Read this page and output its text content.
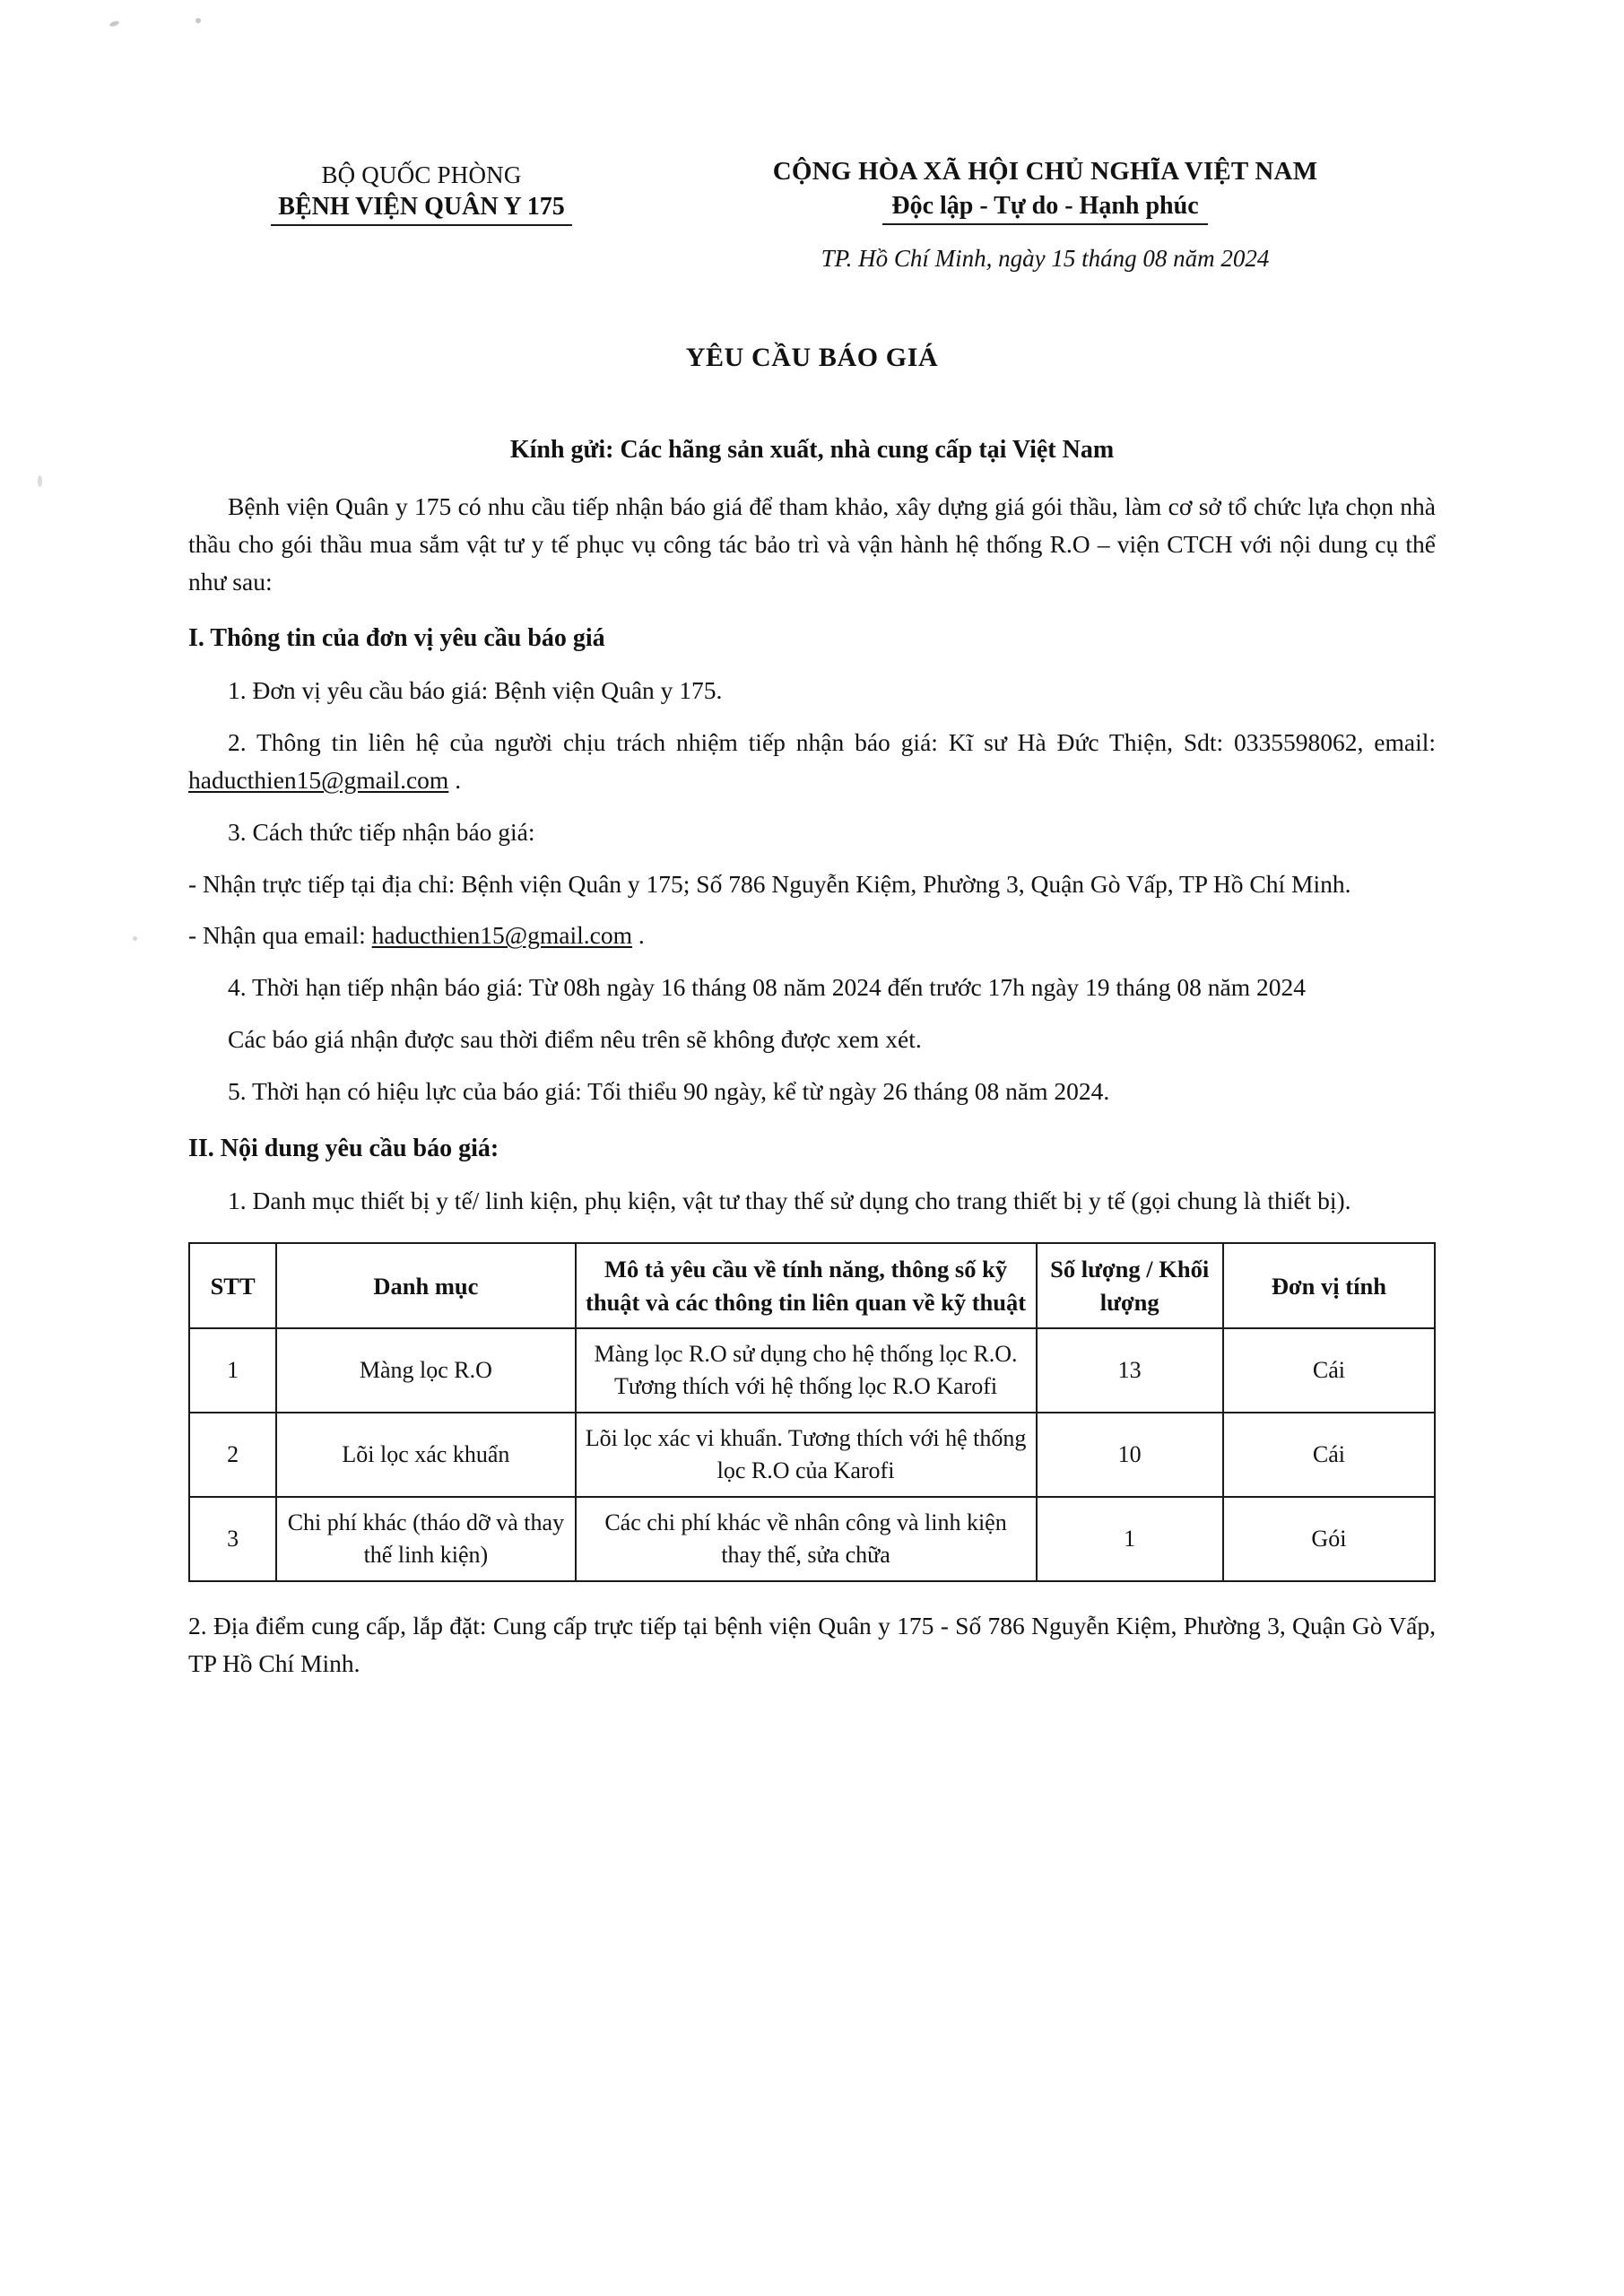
BỘ QUỐC PHÒNG
BỆNH VIỆN QUÂN Y 175
CỘNG HÒA XÃ HỘI CHỦ NGHĨA VIỆT NAM
Độc lập - Tự do - Hạnh phúc
TP. Hồ Chí Minh, ngày 15 tháng 08 năm 2024
YÊU CẦU BÁO GIÁ
Kính gửi: Các hãng sản xuất, nhà cung cấp tại Việt Nam
Bệnh viện Quân y 175 có nhu cầu tiếp nhận báo giá để tham khảo, xây dựng giá gói thầu, làm cơ sở tổ chức lựa chọn nhà thầu cho gói thầu mua sắm vật tư y tế phục vụ công tác bảo trì và vận hành hệ thống R.O – viện CTCH với nội dung cụ thể như sau:
I. Thông tin của đơn vị yêu cầu báo giá
1. Đơn vị yêu cầu báo giá: Bệnh viện Quân y 175.
2. Thông tin liên hệ của người chịu trách nhiệm tiếp nhận báo giá: Kĩ sư Hà Đức Thiện, Sdt: 0335598062, email: haducthien15@gmail.com .
3. Cách thức tiếp nhận báo giá:
- Nhận trực tiếp tại địa chỉ: Bệnh viện Quân y 175; Số 786 Nguyễn Kiệm, Phường 3, Quận Gò Vấp, TP Hồ Chí Minh.
- Nhận qua email: haducthien15@gmail.com .
4. Thời hạn tiếp nhận báo giá: Từ 08h ngày 16 tháng 08 năm 2024 đến trước 17h ngày 19 tháng 08 năm 2024
Các báo giá nhận được sau thời điểm nêu trên sẽ không được xem xét.
5. Thời hạn có hiệu lực của báo giá: Tối thiểu 90 ngày, kể từ ngày 26 tháng 08 năm 2024.
II. Nội dung yêu cầu báo giá:
1. Danh mục thiết bị y tế/ linh kiện, phụ kiện, vật tư thay thế sử dụng cho trang thiết bị y tế (gọi chung là thiết bị).
STT	Danh mục	Mô tả yêu cầu về tính năng, thông số kỹ thuật và các thông tin liên quan về kỹ thuật	Số lượng / Khối lượng	Đơn vị tính
1	Màng lọc R.O	Màng lọc R.O sử dụng cho hệ thống lọc R.O. Tương thích với hệ thống lọc R.O Karofi	13	Cái
2	Lõi lọc xác khuẩn	Lõi lọc xác vi khuẩn. Tương thích với hệ thống lọc R.O của Karofi	10	Cái
3	Chi phí khác (tháo dỡ và thay thế linh kiện)	Các chi phí khác về nhân công và linh kiện thay thế, sửa chữa	1	Gói
2. Địa điểm cung cấp, lắp đặt: Cung cấp trực tiếp tại bệnh viện Quân y 175 - Số 786 Nguyễn Kiệm, Phường 3, Quận Gò Vấp, TP Hồ Chí Minh.
